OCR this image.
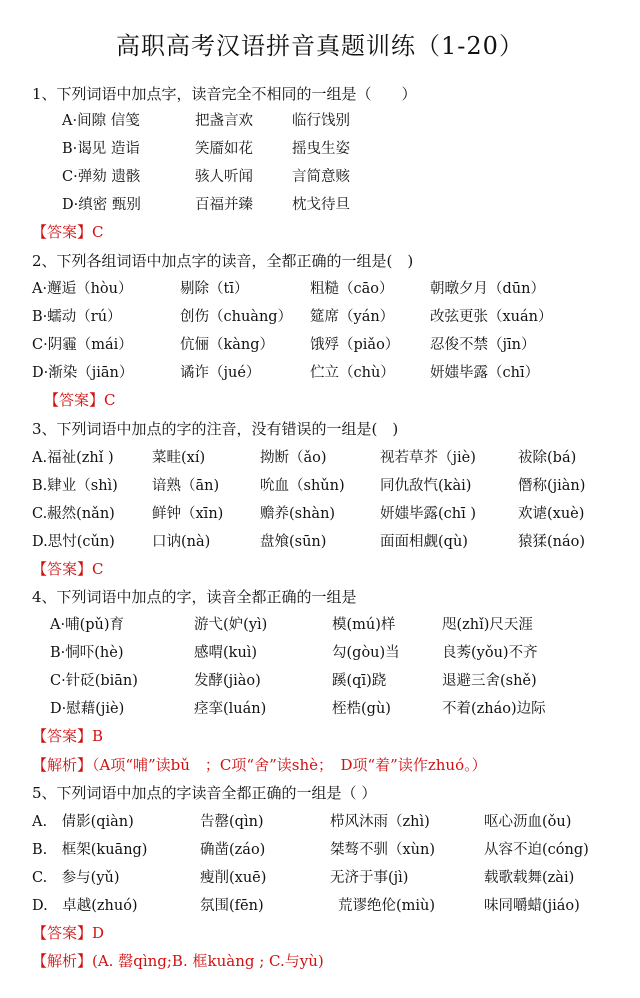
高职高考汉语拼音真题训练（1-20）
1、下列词语中加点字，读音完全不相同的一组是（　　）
A·间隙 信笺	把盏言欢	临行饯别
B·谒见 造诣	笑靥如花	摇曳生姿
C·弹劾 遗骸	骇人听闻	言简意赅
D·缜密 甄别	百福并臻	枕戈待旦
【答案】C
2、下列各组词语中加点字的读音，全都正确的一组是(　)
A·邂逅（hòu）	剔除（tī）	粗糙（cāo）	朝暾夕月（dūn）
B·蠕动（rú）	创伤（chuàng） 筵席（yán） 改弦更张（xuán）
C·阴霾（mái）	伉俪（kàng） 饿殍（piǎo） 忍俊不禁（jīn）
D·渐染（jiān）	谲诈（jué）	伫立（chù） 妍媸毕露（chī）
【答案】C
3、下列词语中加点的字的注音，没有错误的一组是(　)
A.福祉(zhǐ )	菜畦(xí)	拗断（ǎo)	视若草芥（jiè)	祓除(bá)
B.肄业（shì) 谙熟（ān)	吮血（shǔn) 同仇敌忾(kài)	僭称(jiàn)
C.赧然(nǎn)	鲜钟（xīn)	赡养(shàn)	妍媸毕露(chī )	欢谑(xuè)
D.思忖(cǔn)	口讷(nà)	盘飧(sūn)	面面相觑(qù)	猿猱(náo)
【答案】C
4、下列词语中加点的字，读音全都正确的一组是
A·哺(pǔ)育	游弋(妒(yì)	模(mú)样	咫(zhǐ)尺天涯
B·恫吓(hè)	感喟(kuì)	勾(gòu)当	良莠(yǒu)不齐
C·针砭(biān)	发酵(jiào)	蹊(qī)跷	退避三舍(shě)
D·慰藉(jiè)	痉挛(luán)	桎梏(gù)	不着(zháo)边际
【答案】B
【解析】（A项“哺”读bǔ　；C项“舍”读shè；　D项“着”读作zhuó。）
5、下列词语中加点的字读音全都正确的一组是（ ）
A.　倩影(qiàn)	告罄(qìn)	栉风沐雨（zhì)	呕心沥血(ǒu)
B.　框架(kuāng)	确凿(záo)	桀骜不驯（xùn)	从容不迫(cóng)
C.　参与(yǔ)	瘦削(xuē)	无济于事(jì)	载歌载舞(zài)
D.　卓越(zhuó)	氛围(fēn)	荒谬绝伦(miù)	味同嚼蜡(jiáo)
【答案】D
【解析】(A. 罄qìng;B. 框kuàng ; C.与yù)
